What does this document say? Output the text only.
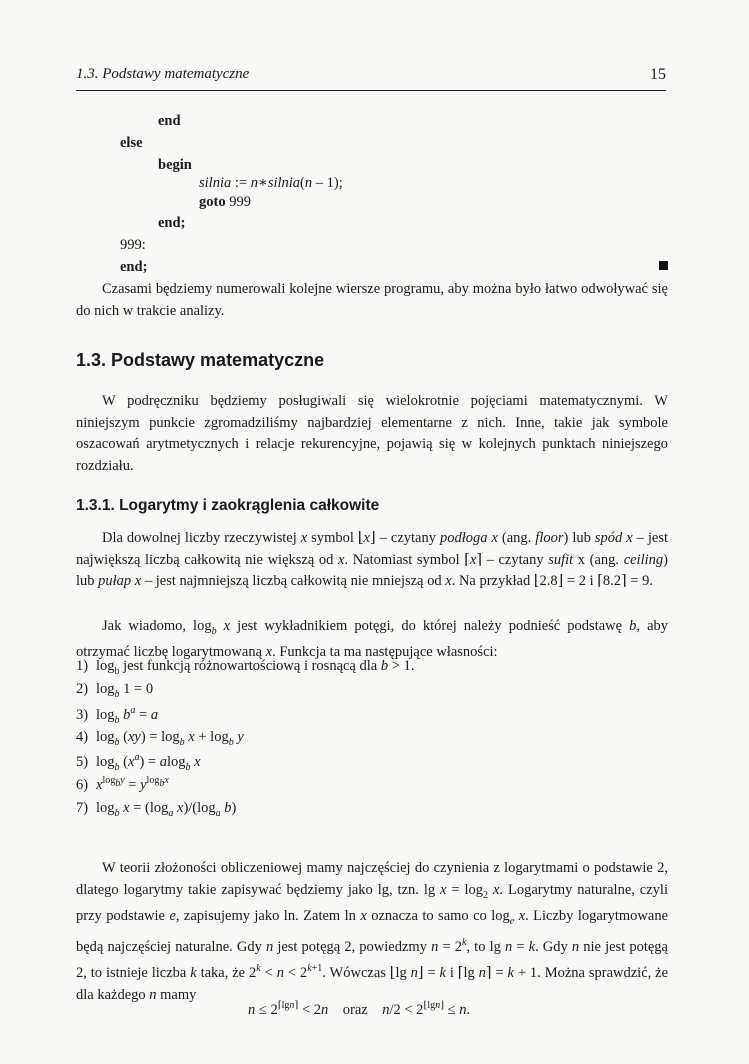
1.3. Podstawy matematyczne	15
end
else
begin
silnia := n∗silnia(n – 1);
goto 999
end;
999:
end;
Czasami będziemy numerowali kolejne wiersze programu, aby można było łatwo odwoływać się do nich w trakcie analizy.
1.3. Podstawy matematyczne
W podręczniku będziemy posługiwali się wielokrotnie pojęciami matematycznymi. W niniejszym punkcie zgromadziliśmy najbardziej elementarne z nich. Inne, takie jak symbole oszacowań arytmetycznych i relacje rekurencyjne, pojawią się w kolejnych punktach niniejszego rozdziału.
1.3.1. Logarytmy i zaokrąglenia całkowite
Dla dowolnej liczby rzeczywistej x symbol ⌊x⌋ – czytany podłoga x (ang. floor) lub spód x – jest największą liczbą całkowitą nie większą od x. Natomiast symbol ⌈x⌉ – czytany sufit x (ang. ceiling) lub pułap x – jest najmniejszą liczbą całkowitą nie mniejszą od x. Na przykład ⌊2.8⌋ = 2 i ⌈8.2⌉ = 9.
Jak wiadomo, $\log_b x$ jest wykładnikiem potęgi, do której należy podnieść podstawę b, aby otrzymać liczbę logarytmowaną x. Funkcja ta ma następujące własności:
1) $\log_b$ jest funkcją różnowartościową i rosnącą dla b > 1.
2) $\log_b 1 = 0$
3) $\log_b b^a = a$
4) $\log_b (xy) = \log_b x + \log_b y$
5) $\log_b (x^a) = alog_b$ x
6) $x^{log_by} = y^{log_bx}$
7) $\log_b x = (\log_a$ $x)/(\log_a$ b)
W teorii złożoności obliczeniowej mamy najczęściej do czynienia z logarytmami o podstawie 2, dlatego logarytmy takie zapisywać będziemy jako lg, tzn. $\lg x = \log_2 x$. Logarytmy naturalne, czyli przy podstawie e, zapisujemy jako ln. Zatem ln x oznacza to samo co $\log_e x$. Liczby logarytmowane będą najczęściej naturalne. Gdy n jest potęgą 2, powiedzmy $n = 2^k$, to lg n = k. Gdy n nie jest potęgą 2, to istnieje liczba k taka, że $2^k < n < 2^{k+1}$. Wówczas ⌊lg n⌋ = k i ⌈lg n⌉ = k + 1. Można sprawdzić, że dla każdego n mamy
$n \le 2^{⌈lgn⌉} < 2n$    oraz    $n/2 < 2^{⌊lgn⌋} \le n$.
